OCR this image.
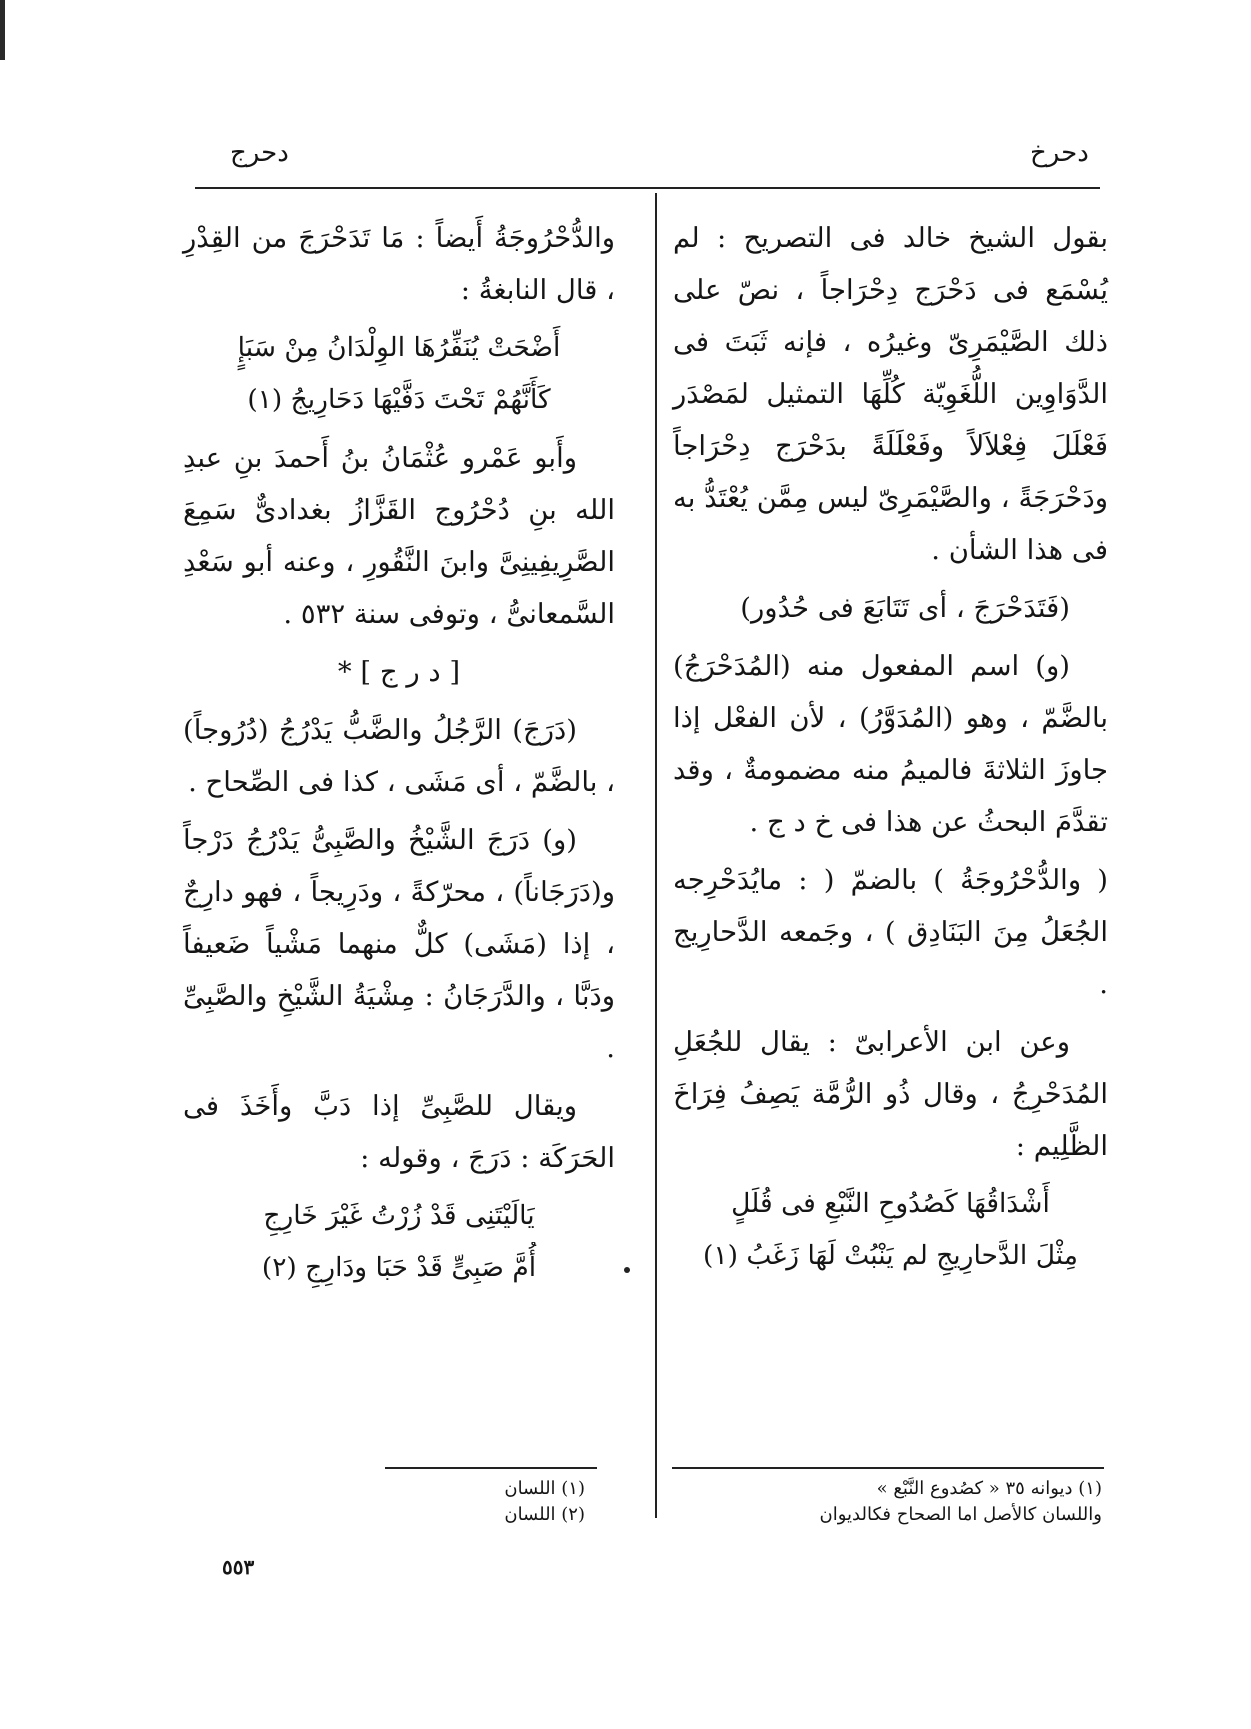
دحرخ
دحرج

بقول الشيخ خالد فى التصريح : لم يُسْمَع فى دَحْرَج دِحْرَاجاً ، نصّ على ذلك الصَّيْمَرِىّ وغيرُه ، فإنه ثَبَتَ فى الدَّوَاوِين اللُّغَوِيّة كُلِّهَا التمثيل لمَصْدَر فَعْلَلَ فِعْلاَلاً وفَعْلَلَةً بدَحْرَج دِحْرَاجاً ودَحْرَجَةً ، والصَّيْمَرِىّ ليس مِمَّن يُعْتَدُّ به فى هذا الشأن .

(فَتَدَحْرَجَ ، أى تَتَابَعَ فى حُدُور)

(و) اسم المفعول منه (المُدَحْرَجُ) بالضَّمّ ، وهو (المُدَوَّرُ) ، لأن الفعْل إذا جاوزَ الثلاثةَ فالميمُ منه مضمومةٌ ، وقد تقدَّمَ البحثُ عن هذا فى خ د ج .

( والدُّحْرُوجَةُ ) بالضمّ ( : مايُدَحْرِجه الجُعَلُ مِنَ البَنَادِق ) ، وجَمعه الدَّحارِيج .

وعن ابن الأعرابىّ : يقال للجُعَلِ المُدَحْرِجُ ، وقال ذُو الرُّمَّة يَصِفُ فِرَاخَ الظَّلِيم :

أَشْدَاقُهَا كَصُدُوحِ النَّبْعِ فى قُلَلٍ
مِثْلَ الدَّحارِيجِ لم يَنْبُتْ لَهَا زَغَبُ (١)

والدُّحْرُوجَةُ أَيضاً : مَا تَدَحْرَجَ من القِدْرِ ، قال النابغةُ :

أَضْحَتْ يُنَفِّرُهَا الوِلْدَانُ مِنْ سَبَإٍ
كَأَنَّهُمْ تَحْتَ دَفَّيْهَا دَحَارِيجُ (١)

وأَبو عَمْرو عُثْمَانُ بنُ أَحمدَ بنِ عبدِ الله بنِ دُحْرُوج القَزَّازُ بغدادىٌّ سَمِعَ الصَّرِيفِينِىَّ وابنَ النَّقُورِ ، وعنه أبو سَعْدِ السَّمعانىُّ ، وتوفى سنة ٥٣٢ .

[ د ر ج ] *

(دَرَجَ) الرَّجُلُ والضَّبُّ يَدْرُجُ (دُرُوجاً) ، بالضَّمّ ، أى مَشَى ، كذا فى الصِّحاح .

(و) دَرَجَ الشَّيْخُ والصَّبِىُّ يَدْرُجُ دَرْجاً و(دَرَجَاناً) ، محرّكةً ، ودَرِيجاً ، فهو دارِجٌ ، إذا (مَشَى) كلٌّ منهما مَشْياً ضَعيفاً ودَبَّا ، والدَّرَجَانُ : مِشْيَةُ الشَّيْخِ والصَّبِىِّ .

ويقال للصَّبِىِّ إذا دَبَّ وأَخَذَ فى الحَرَكَة : دَرَجَ ، وقوله :

يَالَيْتَنِى قَدْ زُرْتُ غَيْرَ خَارِجِ
أُمَّ صَبِىٍّ قَدْ حَبَا ودَارِجِ (٢)
(١) ديوانه ٣٥ « كصُدوع النَّبْع »
واللسان كالأصل اما الصحاح فكالديوان
(١) اللسان
(٢) اللسان
٥٥٣
